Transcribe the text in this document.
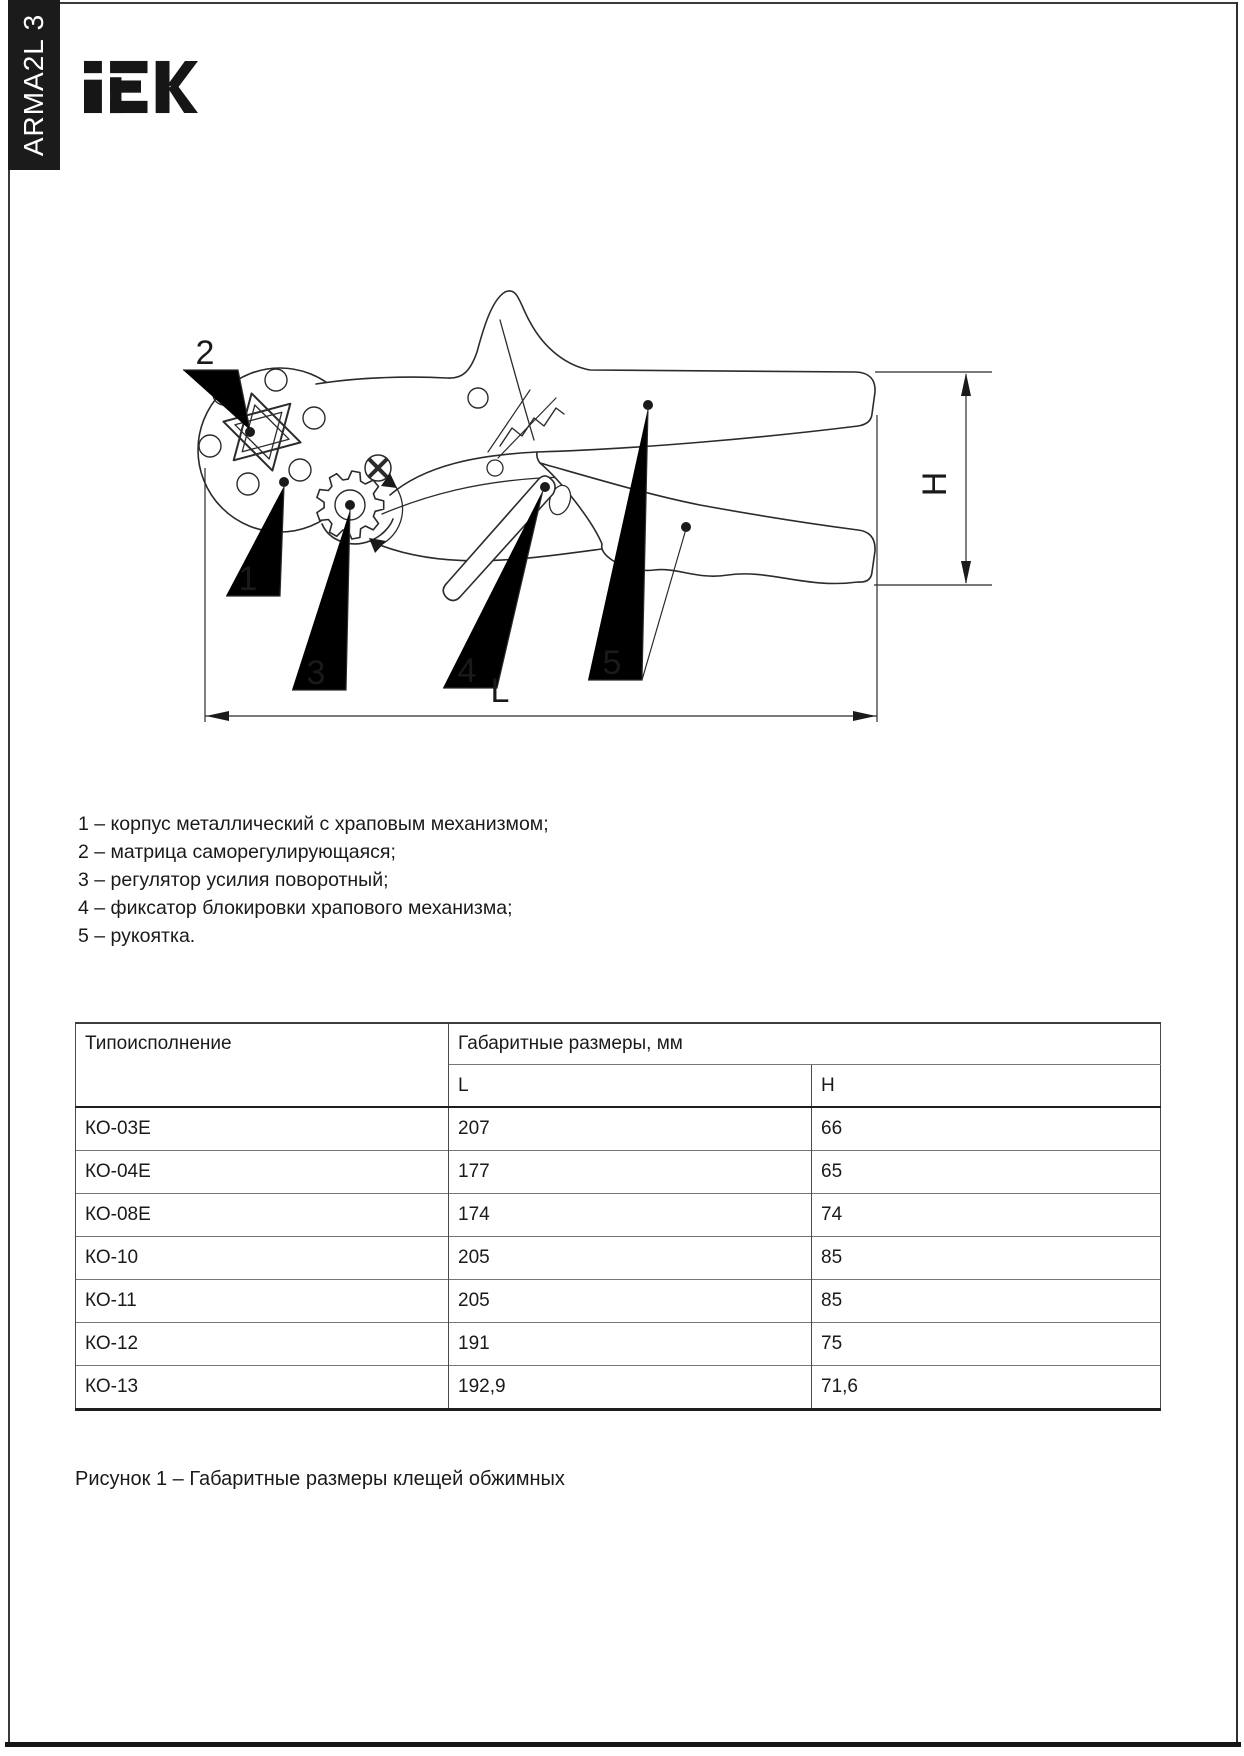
ARMA2L 3
2
1
3	4	5
H
L
1 – корпус металлический с храповым механизмом;
2 – матрица саморегулирующаяся;
3 – регулятор усилия поворотный;
4 – фиксатор блокировки храпового механизма;
5 – рукоятка.
Типоисполнение	Габаритные размеры, мм	
	L	H
КО-03Е	207	66
КО-04Е	177	65
КО-08Е	174	74
КО-10	205	85
КО-11	205	85
КО-12	191	75
КО-13	192,9	71,6
Рисунок 1 – Габаритные размеры клещей обжимных
